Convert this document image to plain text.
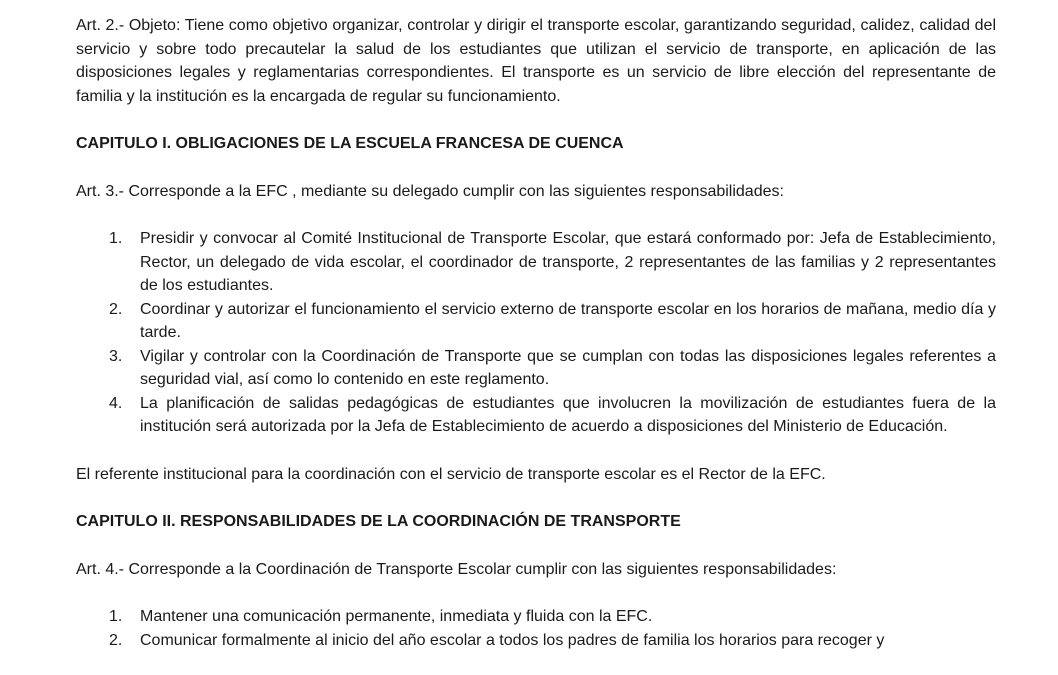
Art. 2.- Objeto: Tiene como objetivo organizar, controlar y dirigir el transporte escolar, garantizando seguridad, calidez, calidad del servicio y sobre todo precautelar la salud de los estudiantes que utilizan el servicio de transporte, en aplicación de las disposiciones legales y reglamentarias correspondientes. El transporte es un servicio de libre elección del representante de familia y la institución es la encargada de regular su funcionamiento.

CAPITULO I. OBLIGACIONES DE LA ESCUELA FRANCESA DE CUENCA

Art. 3.- Corresponde a la EFC , mediante su delegado cumplir con las siguientes responsabilidades:

1. Presidir y convocar al Comité Institucional de Transporte Escolar, que estará conformado por: Jefa de Establecimiento, Rector, un delegado de vida escolar, el coordinador de transporte, 2 representantes de las familias y 2 representantes de los estudiantes.
2. Coordinar y autorizar el funcionamiento el servicio externo de transporte escolar en los horarios de mañana, medio día y tarde.
3. Vigilar y controlar con la Coordinación de Transporte que se cumplan con todas las disposiciones legales referentes a seguridad vial, así como lo contenido en este reglamento.
4. La planificación de salidas pedagógicas de estudiantes que involucren la movilización de estudiantes fuera de la institución será autorizada por la Jefa de Establecimiento de acuerdo a disposiciones del Ministerio de Educación.

El referente institucional para la coordinación con el servicio de transporte escolar es el Rector de la EFC.

CAPITULO II. RESPONSABILIDADES DE LA COORDINACIÓN DE TRANSPORTE

Art. 4.- Corresponde a la Coordinación de Transporte Escolar cumplir con las siguientes responsabilidades:

1. Mantener una comunicación permanente, inmediata y fluida con la EFC.
2. Comunicar formalmente al inicio del año escolar a todos los padres de familia los horarios para recoger y
